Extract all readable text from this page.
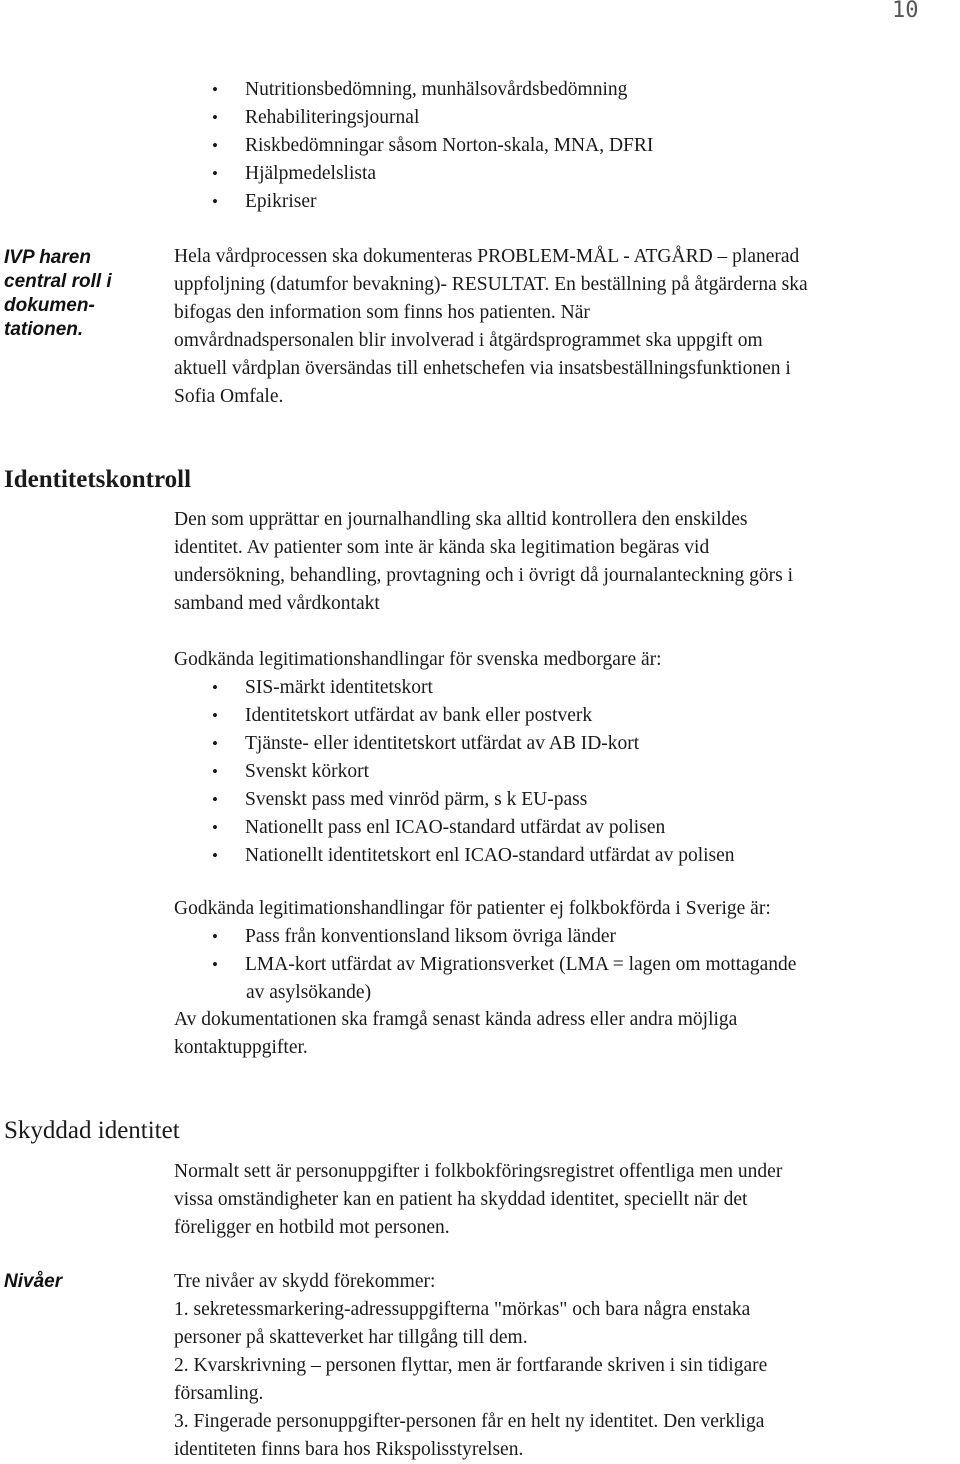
10
• Nutritionsbedömning, munhälsovårdsbedömning
• Rehabiliteringsjournal
• Riskbedömningar såsom Norton-skala, MNA, DFRI
• Hjälpmedelslista
• Epikriser
IVP haren
central roll i
dokumen-
tationen.
Hela vårdprocessen ska dokumenteras PROBLEM-MÅL - ATGÅRD – planerad
uppfoljning (datumfor bevakning)- RESULTAT. En beställning på åtgärderna ska
bifogas den information som finns hos patienten. När
omvårdnadspersonalen blir involverad i åtgärdsprogrammet ska uppgift om
aktuell vårdplan översändas till enhetschefen via insatsbeställningsfunktionen i
Sofia Omfale.
Identitetskontroll
Den som upprättar en journalhandling ska alltid kontrollera den enskildes
identitet. Av patienter som inte är kända ska legitimation begäras vid
undersökning, behandling, provtagning och i övrigt då journalanteckning görs i
samband med vårdkontakt
Godkända legitimationshandlingar för svenska medborgare är:
• SIS-märkt identitetskort
• Identitetskort utfärdat av bank eller postverk
• Tjänste- eller identitetskort utfärdat av AB ID-kort
• Svenskt körkort
• Svenskt pass med vinröd pärm, s k EU-pass
• Nationellt pass enl ICAO-standard utfärdat av polisen
• Nationellt identitetskort enl ICAO-standard utfärdat av polisen
Godkända legitimationshandlingar för patienter ej folkbokförda i Sverige är:
• Pass från konventionsland liksom övriga länder
• LMA-kort utfärdat av Migrationsverket (LMA = lagen om mottagande
av asylsökande)
Av dokumentationen ska framgå senast kända adress eller andra möjliga
kontaktuppgifter.
Skyddad identitet
Normalt sett är personuppgifter i folkbokföringsregistret offentliga men under
vissa omständigheter kan en patient ha skyddad identitet, speciellt när det
föreligger en hotbild mot personen.
Nivåer	Tre nivåer av skydd förekommer:
1. sekretessmarkering-adressuppgifterna "mörkas" och bara några enstaka
personer på skatteverket har tillgång till dem.
2. Kvarskrivning – personen flyttar, men är fortfarande skriven i sin tidigare
församling.
3. Fingerade personuppgifter-personen får en helt ny identitet. Den verkliga
identiteten finns bara hos Rikspolisstyrelsen.
